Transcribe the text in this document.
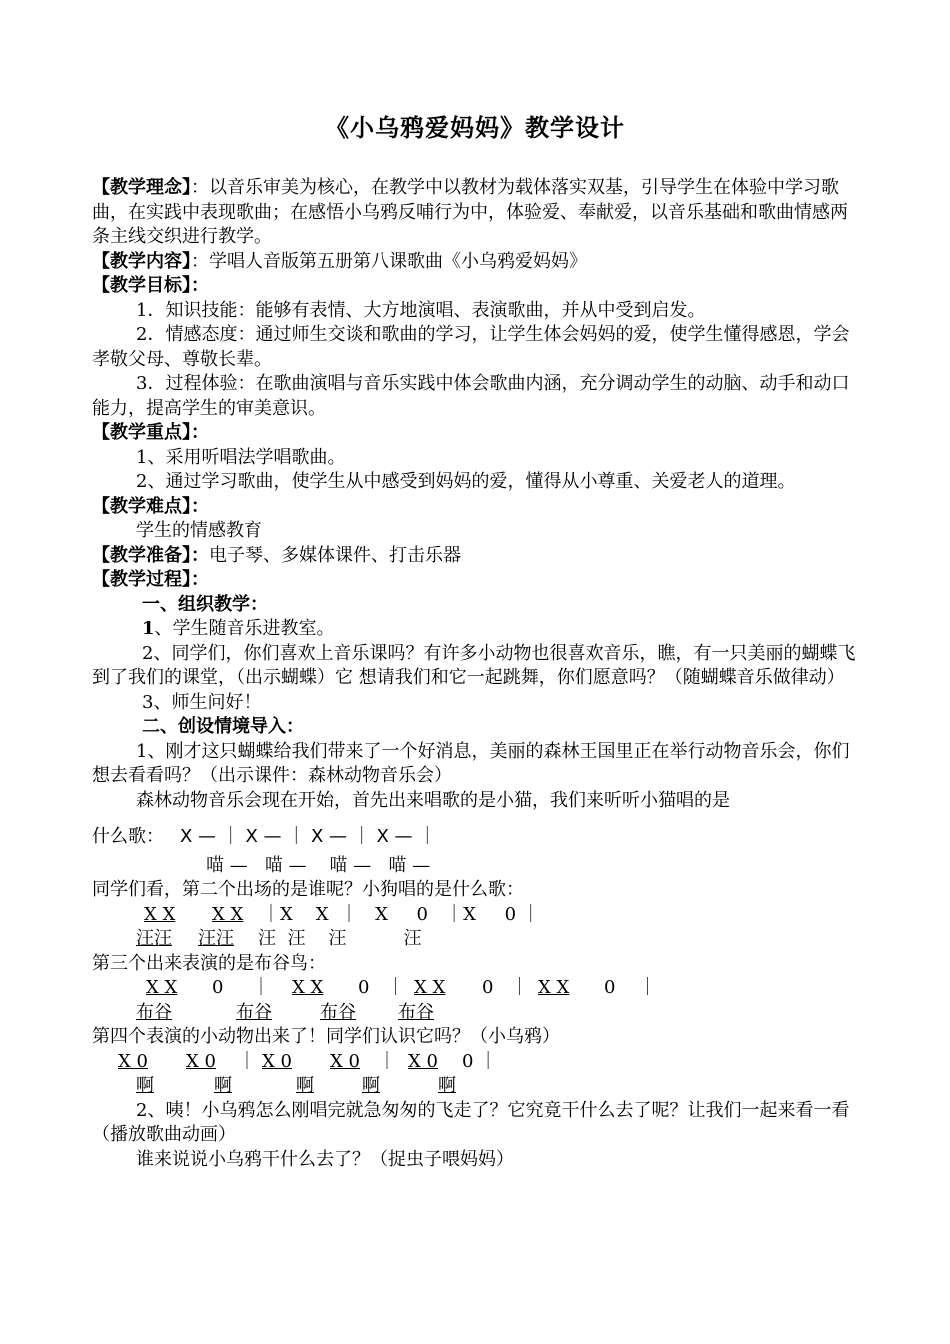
《小乌鸦爱妈妈》教学设计

【教学理念】：以音乐审美为核心，在教学中以教材为载体落实双基，引导学生在体验中学习歌曲，在实践中表现歌曲；在感悟小乌鸦反哺行为中，体验爱、奉献爱，以音乐基础和歌曲情感两条主线交织进行教学。

【教学内容】：学唱人音版第五册第八课歌曲《小乌鸦爱妈妈》

【教学目标】：

1．知识技能：能够有表情、大方地演唱、表演歌曲，并从中受到启发。

2．情感态度：通过师生交谈和歌曲的学习，让学生体会妈妈的爱，使学生懂得感恩，学会孝敬父母、尊敬长辈。

3．过程体验：在歌曲演唱与音乐实践中体会歌曲内涵，充分调动学生的动脑、动手和动口能力，提高学生的审美意识。

【教学重点】：

1、采用听唱法学唱歌曲。

2、通过学习歌曲，使学生从中感受到妈妈的爱，懂得从小尊重、关爱老人的道理。

【教学难点】：

学生的情感教育

【教学准备】：电子琴、多媒体课件、打击乐器

【教学过程】：

一、组织教学：

1、学生随音乐进教室。

2、同学们，你们喜欢上音乐课吗？有许多小动物也很喜欢音乐，瞧，有一只美丽的蝴蝶飞到了我们的课堂，（出示蝴蝶）它 想请我们和它一起跳舞，你们愿意吗？（随蝴蝶音乐做律动）

3、师生问好！

二、创设情境导入：

1、刚才这只蝴蝶给我们带来了一个好消息，美丽的森林王国里正在举行动物音乐会，你们想去看看吗？（出示课件：森林动物音乐会）

森林动物音乐会现在开始，首先出来唱歌的是小猫，我们来听听小猫唱的是

什么歌： X — ｜ X — ｜ X — ｜ X — ｜
喵 —   喵 —    喵 —   喵 —

同学们看，第二个出场的是谁呢？小狗唱的是什么歌：

X X X X ｜X    X  ｜   X     0   ｜X     0 ｜
汪汪 汪汪 汪  汪    汪          汪

第三个出来表演的是布谷鸟：

X X 0     ｜ X X 0   ｜ X X 0   ｜ X X 0    ｜
布谷	布谷	布谷 布谷

第四个表演的小动物出来了！同学们认识它吗？（小乌鸦）

X 0 X 0 ｜ X 0 X 0 ｜ X 0 0 ｜
啊	啊	啊	啊	啊

2、咦！小乌鸦怎么刚唱完就急匆匆的飞走了？它究竟干什么去了呢？让我们一起来看一看（播放歌曲动画）

谁来说说小乌鸦干什么去了？（捉虫子喂妈妈）
